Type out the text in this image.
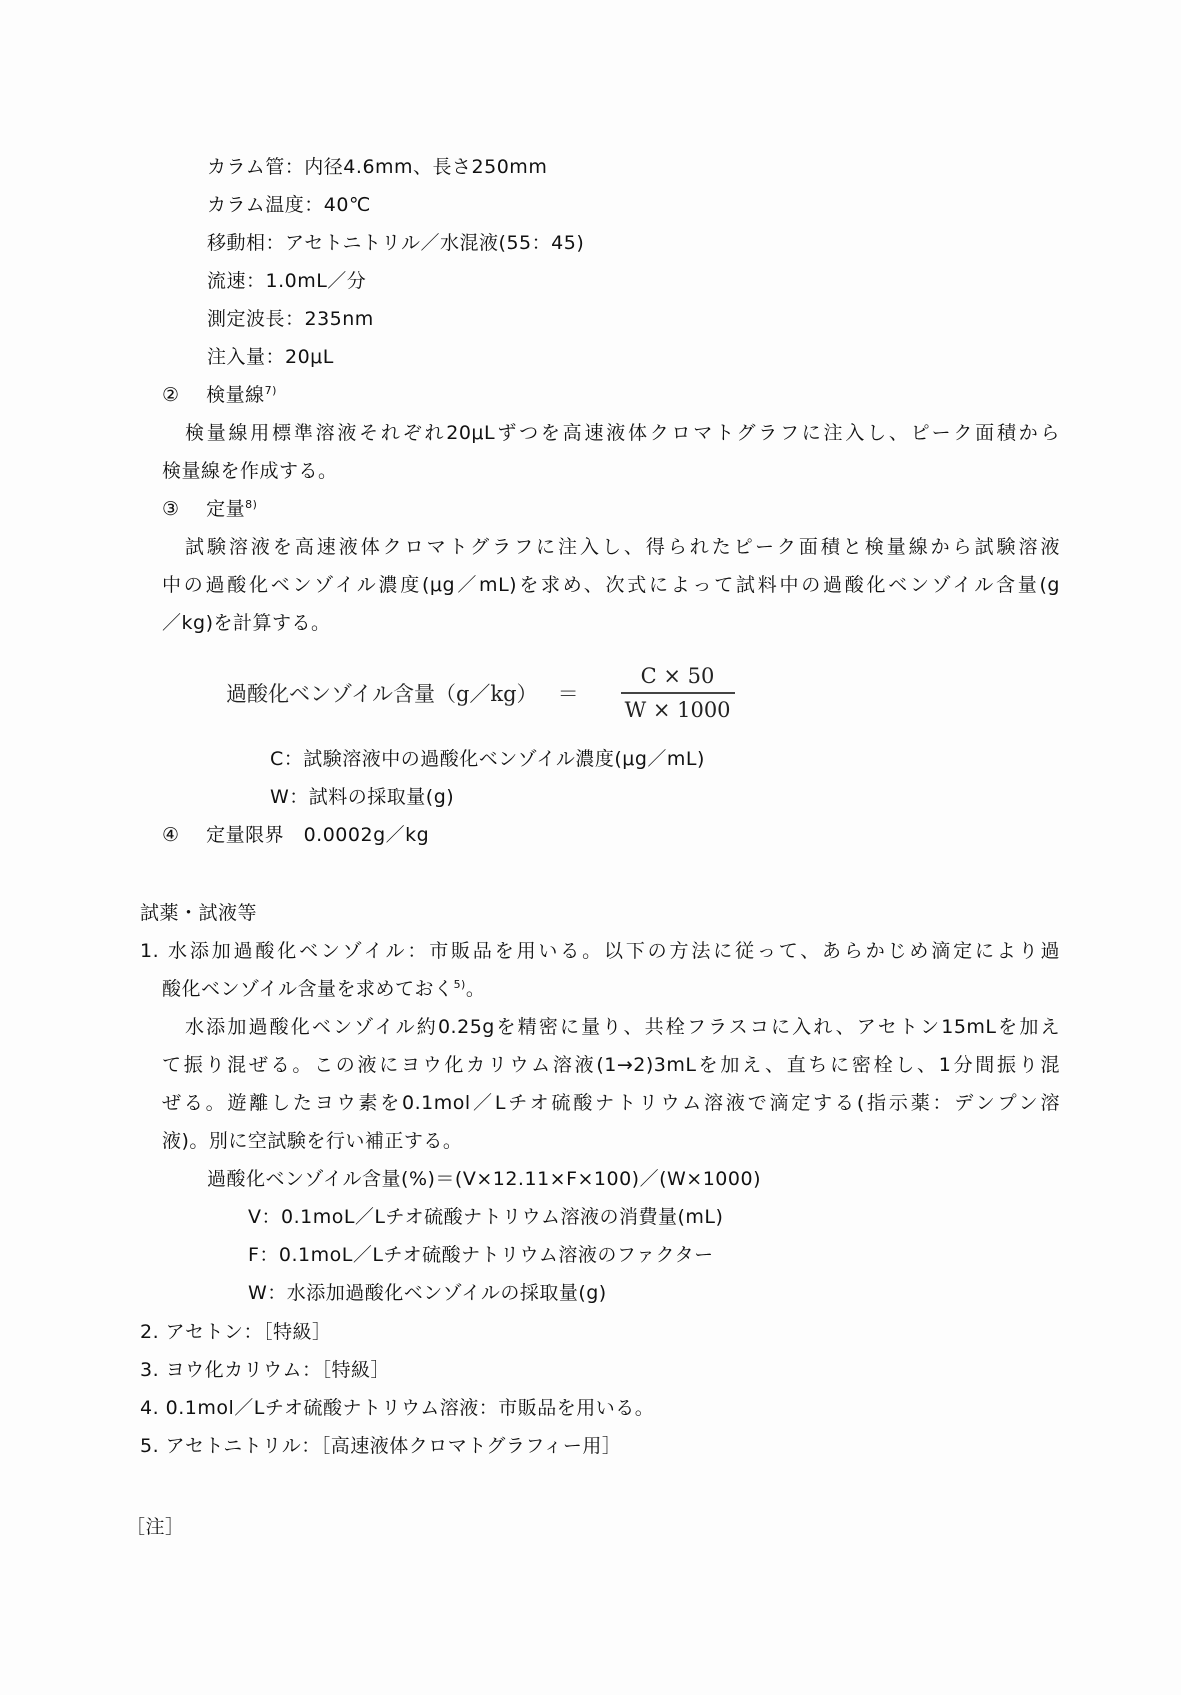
カラム管：内径4.6mm、長さ250mm
カラム温度：40℃
移動相：アセトニトリル／水混液(55：45)
流速：1.0mL／分
測定波長：235nm
注入量：20μL
② 検量線$^{7)}$
検量線用標準溶液それぞれ20μLずつを高速液体クロマトグラフに注入し、ピーク面積から
検量線を作成する。
③ 定量$^{8)}$
試験溶液を高速液体クロマトグラフに注入し、得られたピーク面積と検量線から試験溶液
中の過酸化ベンゾイル濃度(μg／mL)を求め、次式によって試料中の過酸化ベンゾイル含量(g
／kg)を計算する。
過酸化ベンゾイル含量（g／kg） ＝ $\frac{C \times 50}{W \times 1000}$
C：試験溶液中の過酸化ベンゾイル濃度(μg／mL)
W：試料の採取量(g)
④ 定量限界　0.0002g／kg
試薬・試液等
1. 水添加過酸化ベンゾイル：市販品を用いる。以下の方法に従って、あらかじめ滴定により過
酸化ベンゾイル含量を求めておく$^{5)}$。
水添加過酸化ベンゾイル約0.25gを精密に量り、共栓フラスコに入れ、アセトン15mLを加え
て振り混ぜる。この液にヨウ化カリウム溶液(1→2)3mLを加え、直ちに密栓し、1分間振り混
ぜる。遊離したヨウ素を0.1mol／Lチオ硫酸ナトリウム溶液で滴定する(指示薬：デンプン溶
液)。別に空試験を行い補正する。
過酸化ベンゾイル含量(%)＝(V×12.11×F×100)／(W×1000)
V：0.1moL／Lチオ硫酸ナトリウム溶液の消費量(mL)
F：0.1moL／Lチオ硫酸ナトリウム溶液のファクター
W：水添加過酸化ベンゾイルの採取量(g)
2. アセトン：［特級］
3. ヨウ化カリウム：［特級］
4. 0.1mol／Lチオ硫酸ナトリウム溶液：市販品を用いる。
5. アセトニトリル：［高速液体クロマトグラフィー用］
［注］
